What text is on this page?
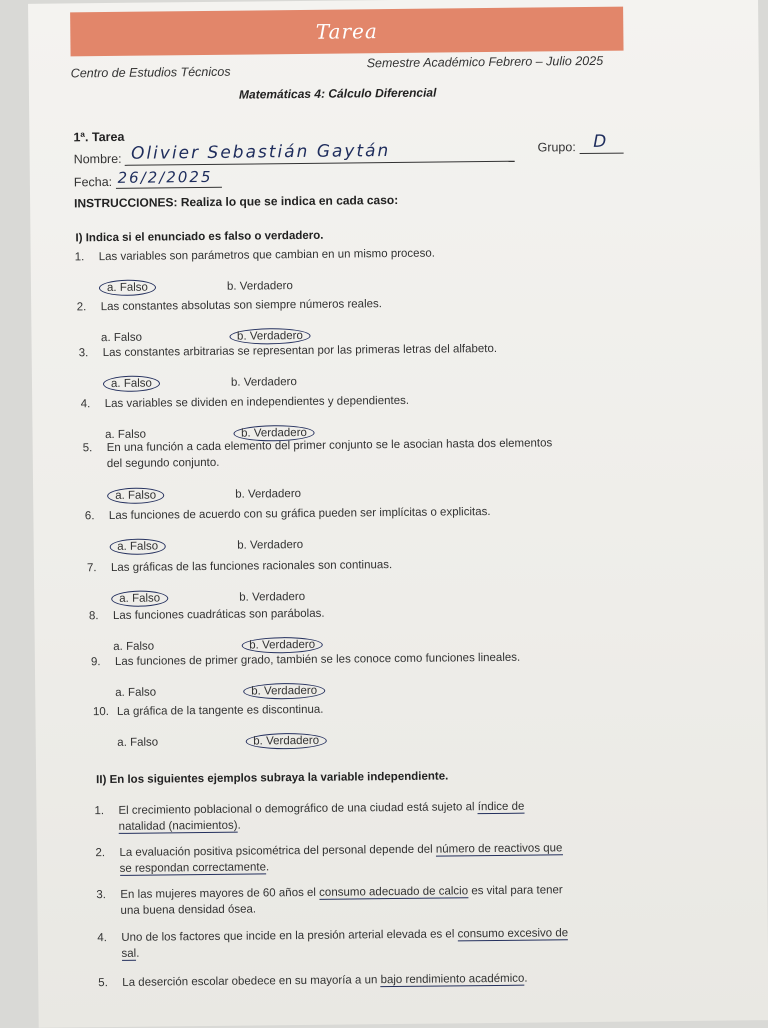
Tarea
Centro de Estudios Técnicos
Semestre Académico Febrero – Julio 2025
Matemáticas 4: Cálculo Diferencial
1ª. Tarea
Nombre: Olivier Sebastián Gaytán	Grupo: D
Fecha: 26/2/2025
INSTRUCCIONES: Realiza lo que se indica en cada caso:
I) Indica si el enunciado es falso o verdadero.
1. Las variables son parámetros que cambian en un mismo proceso.
a. Falso	b. Verdadero
2. Las constantes absolutas son siempre números reales.
a. Falso	b. Verdadero
3. Las constantes arbitrarias se representan por las primeras letras del alfabeto.
a. Falso	b. Verdadero
4. Las variables se dividen en independientes y dependientes.
a. Falso	b. Verdadero
5. En una función a cada elemento del primer conjunto se le asocian hasta dos elementos
del segundo conjunto.
a. Falso	b. Verdadero
6. Las funciones de acuerdo con su gráfica pueden ser implícitas o explicitas.
a. Falso	b. Verdadero
7. Las gráficas de las funciones racionales son continuas.
a. Falso	b. Verdadero
8. Las funciones cuadráticas son parábolas.
a. Falso	b. Verdadero
9. Las funciones de primer grado, también se les conoce como funciones lineales.
a. Falso	b. Verdadero
10. La gráfica de la tangente es discontinua.
a. Falso	b. Verdadero
II) En los siguientes ejemplos subraya la variable independiente.
1. El crecimiento poblacional o demográfico de una ciudad está sujeto al índice de
natalidad (nacimientos).
2. La evaluación positiva psicométrica del personal depende del número de reactivos que
se respondan correctamente.
3. En las mujeres mayores de 60 años el consumo adecuado de calcio es vital para tener
una buena densidad ósea.
4. Uno de los factores que incide en la presión arterial elevada es el consumo excesivo de
sal.
5. La deserción escolar obedece en su mayoría a un bajo rendimiento académico.
